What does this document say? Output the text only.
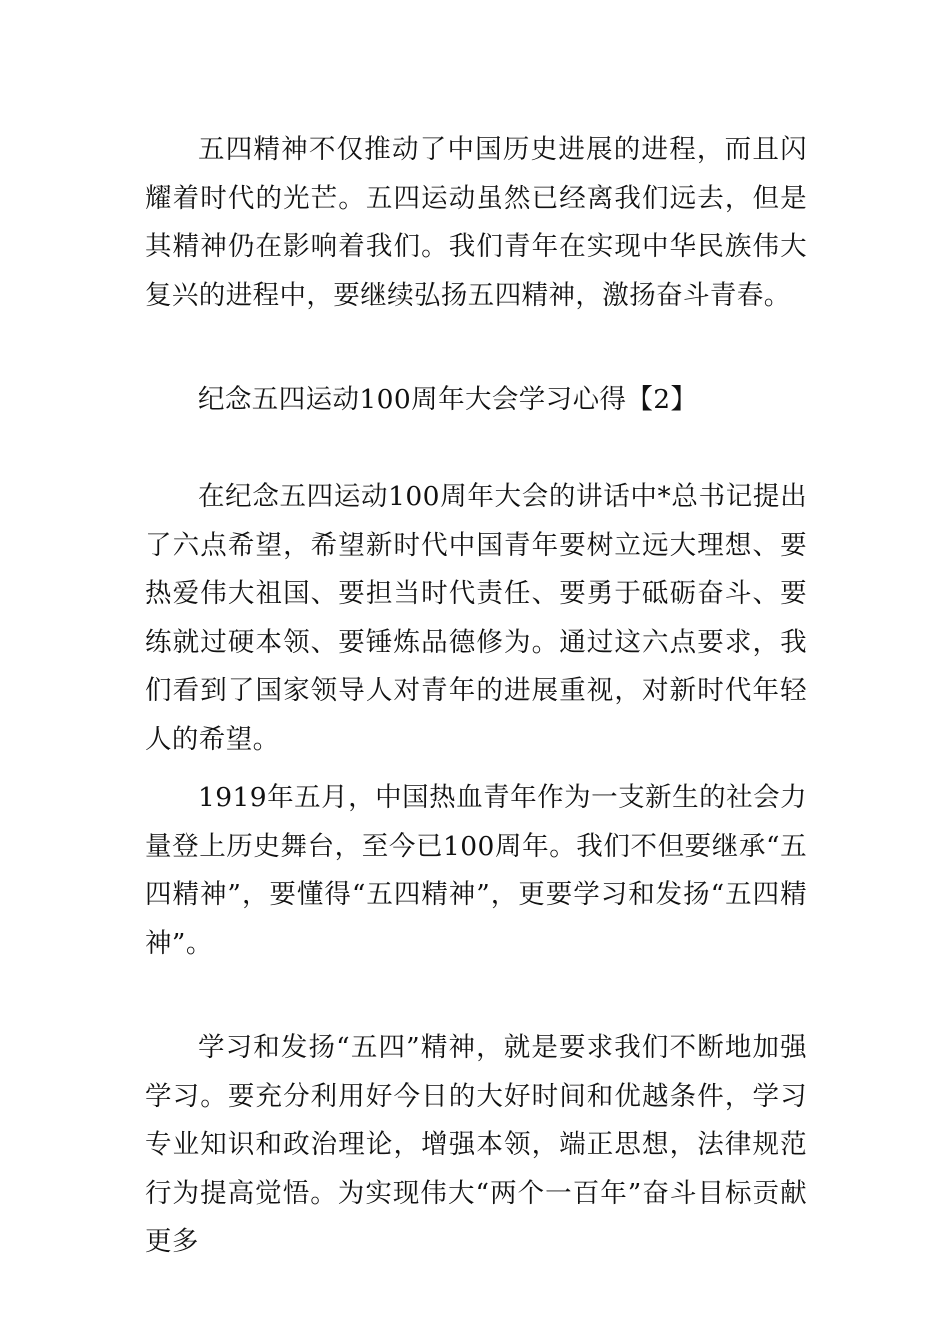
五四精神不仅推动了中国历史进展的进程，而且闪耀着时代的光芒。五四运动虽然已经离我们远去，但是其精神仍在影响着我们。我们青年在实现中华民族伟大复兴的进程中，要继续弘扬五四精神，激扬奋斗青春。

纪念五四运动100周年大会学习心得【2】

在纪念五四运动100周年大会的讲话中*总书记提出了六点希望，希望新时代中国青年要树立远大理想、要热爱伟大祖国、要担当时代责任、要勇于砥砺奋斗、要练就过硬本领、要锤炼品德修为。通过这六点要求，我们看到了国家领导人对青年的进展重视，对新时代年轻人的希望。

1919年五月，中国热血青年作为一支新生的社会力量登上历史舞台，至今已100周年。我们不但要继承“五四精神”，要懂得“五四精神”，更要学习和发扬“五四精神”。

学习和发扬“五四”精神，就是要求我们不断地加强学习。要充分利用好今日的大好时间和优越条件，学习专业知识和政治理论，增强本领，端正思想，法律规范行为提高觉悟。为实现伟大“两个一百年”奋斗目标贡献更多
